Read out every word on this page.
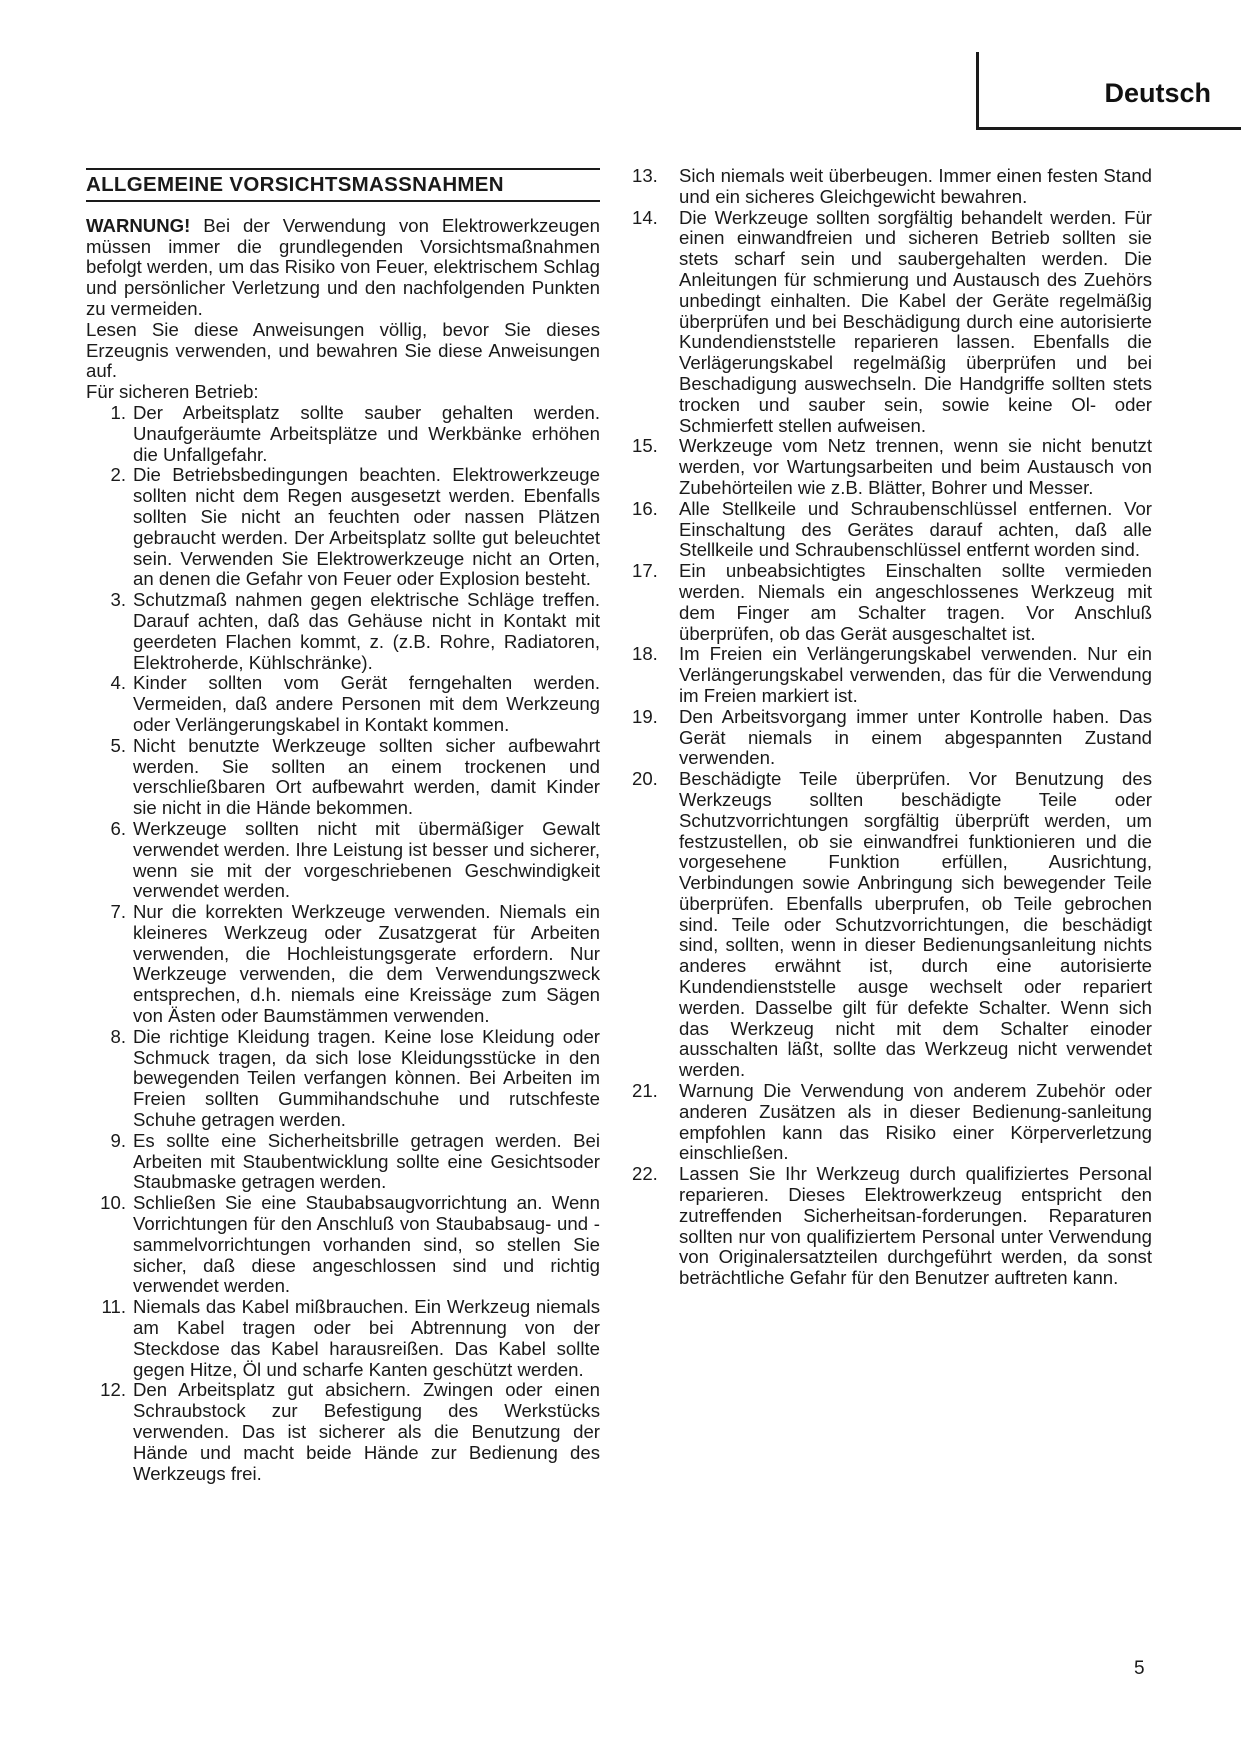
Deutsch
ALLGEMEINE VORSICHTSMASSNAHMEN

WARNUNG! Bei der Verwendung von Elektrowerkzeugen müssen immer die grundlegenden Vorsichtsmaßnahmen befolgt werden, um das Risiko von Feuer, elektrischem Schlag und persönlicher Verletzung und den nachfolgenden Punkten zu vermeiden.

Lesen Sie diese Anweisungen völlig, bevor Sie dieses Erzeugnis verwenden, und bewahren Sie diese Anweisungen auf.

Für sicheren Betrieb:

1. Der Arbeitsplatz sollte sauber gehalten werden. Unaufgeräumte Arbeitsplätze und Werkbänke erhöhen die Unfallgefahr.
2. Die Betriebsbedingungen beachten. Elektrowerkzeuge sollten nicht dem Regen ausgesetzt werden. Ebenfalls sollten Sie nicht an feuchten oder nassen Plätzen gebraucht werden. Der Arbeitsplatz sollte gut beleuchtet sein. Verwenden Sie Elektrowerkzeuge nicht an Orten, an denen die Gefahr von Feuer oder Explosion besteht.
3. Schutzmaß nahmen gegen elektrische Schläge treffen. Darauf achten, daß das Gehäuse nicht in Kontakt mit geerdeten Flachen kommt, z. (z.B. Rohre, Radiatoren, Elektroherde, Kühlschränke).
4. Kinder sollten vom Gerät ferngehalten werden. Vermeiden, daß andere Personen mit dem Werkzeung oder Verlängerungskabel in Kontakt kommen.
5. Nicht benutzte Werkzeuge sollten sicher aufbewahrt werden. Sie sollten an einem trockenen und verschließbaren Ort aufbewahrt werden, damit Kinder sie nicht in die Hände bekommen.
6. Werkzeuge sollten nicht mit übermäßiger Gewalt verwendet werden. Ihre Leistung ist besser und sicherer, wenn sie mit der vorgeschriebenen Geschwindigkeit verwendet werden.
7. Nur die korrekten Werkzeuge verwenden. Niemals ein kleineres Werkzeug oder Zusatzgerat für Arbeiten verwenden, die Hochleistungsgerate erfordern. Nur Werkzeuge verwenden, die dem Verwendungszweck entsprechen, d.h. niemals eine Kreissäge zum Sägen von Ästen oder Baumstämmen verwenden.
8. Die richtige Kleidung tragen. Keine lose Kleidung oder Schmuck tragen, da sich lose Kleidungsstücke in den bewegenden Teilen verfangen kònnen. Bei Arbeiten im Freien sollten Gummihandschuhe und rutschfeste Schuhe getragen werden.
9. Es sollte eine Sicherheitsbrille getragen werden. Bei Arbeiten mit Staubentwicklung sollte eine Gesichtsoder Staubmaske getragen werden.
10. Schließen Sie eine Staubabsaugvorrichtung an. Wenn Vorrichtungen für den Anschluß von Staubabsaug- und -sammelvorrichtungen vorhanden sind, so stellen Sie sicher, daß diese angeschlossen sind und richtig verwendet werden.
11. Niemals das Kabel mißbrauchen. Ein Werkzeug niemals am Kabel tragen oder bei Abtrennung von der Steckdose das Kabel harausreißen. Das Kabel sollte gegen Hitze, Öl und scharfe Kanten geschützt werden.
12. Den Arbeitsplatz gut absichern. Zwingen oder einen Schraubstock zur Befestigung des Werkstücks verwenden. Das ist sicherer als die Benutzung der Hände und macht beide Hände zur Bedienung des Werkzeugs frei.
13.	Sich niemals weit überbeugen. Immer einen festen Stand und ein sicheres Gleichgewicht bewahren.
14.	Die Werkzeuge sollten sorgfältig behandelt werden. Für einen einwandfreien und sicheren Betrieb sollten sie stets scharf sein und saubergehalten werden. Die Anleitungen für schmierung und Austausch des Zuehörs unbedingt einhalten. Die Kabel der Geräte regelmäßig überprüfen und bei Beschädigung durch eine autorisierte Kundendienststelle reparieren lassen. Ebenfalls die Verlägerungskabel regelmäßig überprüfen und bei Beschadigung auswechseln. Die Handgriffe sollten stets trocken und sauber sein, sowie keine Ol- oder Schmierfett stellen aufweisen.
15.	Werkzeuge vom Netz trennen, wenn sie nicht benutzt werden, vor Wartungsarbeiten und beim Austausch von Zubehörteilen wie z.B. Blätter, Bohrer und Messer.
16.	Alle Stellkeile und Schraubenschlüssel entfernen. Vor Einschaltung des Gerätes darauf achten, daß alle Stellkeile und Schraubenschlüssel entfernt worden sind.
17.	Ein unbeabsichtigtes Einschalten sollte vermieden werden. Niemals ein angeschlossenes Werkzeug mit dem Finger am Schalter tragen. Vor Anschluß überprüfen, ob das Gerät ausgeschaltet ist.
18.	Im Freien ein Verlängerungskabel verwenden. Nur ein Verlängerungskabel verwenden, das für die Verwendung im Freien markiert ist.
19.	Den Arbeitsvorgang immer unter Kontrolle haben. Das Gerät niemals in einem abgespannten Zustand verwenden.
20.	Beschädigte Teile überprüfen. Vor Benutzung des Werkzeugs sollten beschädigte Teile oder Schutzvorrichtungen sorgfältig überprüft werden, um festzustellen, ob sie einwandfrei funktionieren und die vorgesehene Funktion erfüllen, Ausrichtung, Verbindungen sowie Anbringung sich bewegender Teile überprüfen. Ebenfalls uberprufen, ob Teile gebrochen sind. Teile oder Schutzvorrichtungen, die beschädigt sind, sollten, wenn in dieser Bedienungsanleitung nichts anderes erwähnt ist, durch eine autorisierte Kundendienststelle ausge wechselt oder repariert werden. Dasselbe gilt für defekte Schalter. Wenn sich das Werkzeug nicht mit dem Schalter einoder ausschalten läßt, sollte das Werkzeug nicht verwendet werden.
21.	Warnung Die Verwendung von anderem Zubehör oder anderen Zusätzen als in dieser Bedienung-sanleitung empfohlen kann das Risiko einer Körperverletzung einschließen.
22.	Lassen Sie Ihr Werkzeug durch qualifiziertes Personal reparieren. Dieses Elektrowerkzeug entspricht den zutreffenden Sicherheitsan-forderungen. Reparaturen sollten nur von qualifiziertem Personal unter Verwendung von Originalersatzteilen durchgeführt werden, da sonst beträchtliche Gefahr für den Benutzer auftreten kann.
5
